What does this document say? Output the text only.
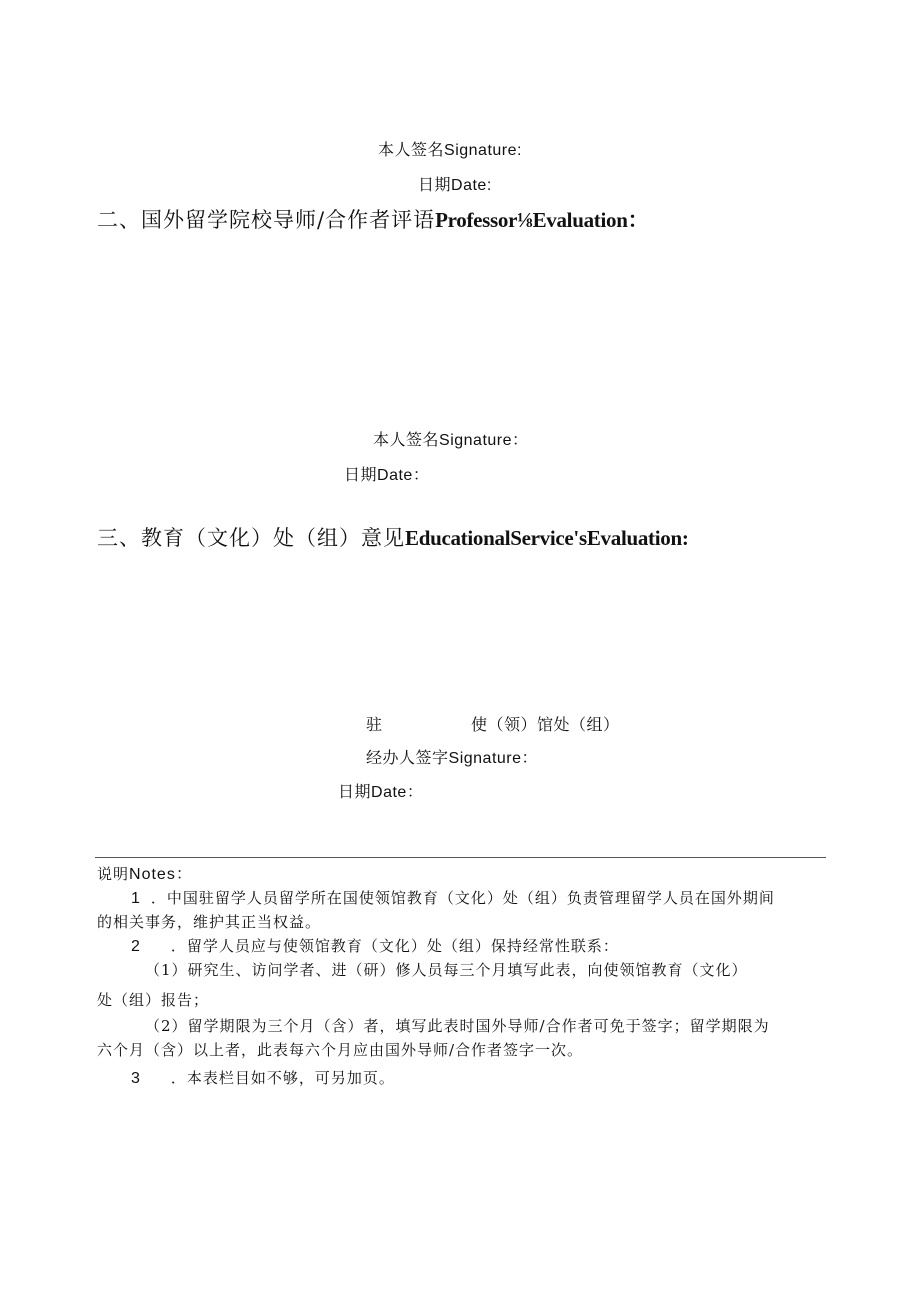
本人签名Signature:
日期Date:
二、国外留学院校导师/合作者评语Professor⅛Evaluation：
本人签名Signature：
日期Date：
三、教育（文化）处（组）意见EducationalService'sEvaluation:
驻	使（领）馆处（组）
经办人签字Signature：
日期Date：
说明Notes：
1 ．中国驻留学人员留学所在国使领馆教育（文化）处（组）负责管理留学人员在国外期间
的相关事务，维护其正当权益。
2 ．留学人员应与使领馆教育（文化）处（组）保持经常性联系：
（1）研究生、访问学者、进（研）修人员每三个月填写此表，向使领馆教育（文化）
处（组）报告；
（2）留学期限为三个月（含）者，填写此表时国外导师/合作者可免于签字；留学期限为
六个月（含）以上者，此表每六个月应由国外导师/合作者签字一次。
3 ．本表栏目如不够，可另加页。
